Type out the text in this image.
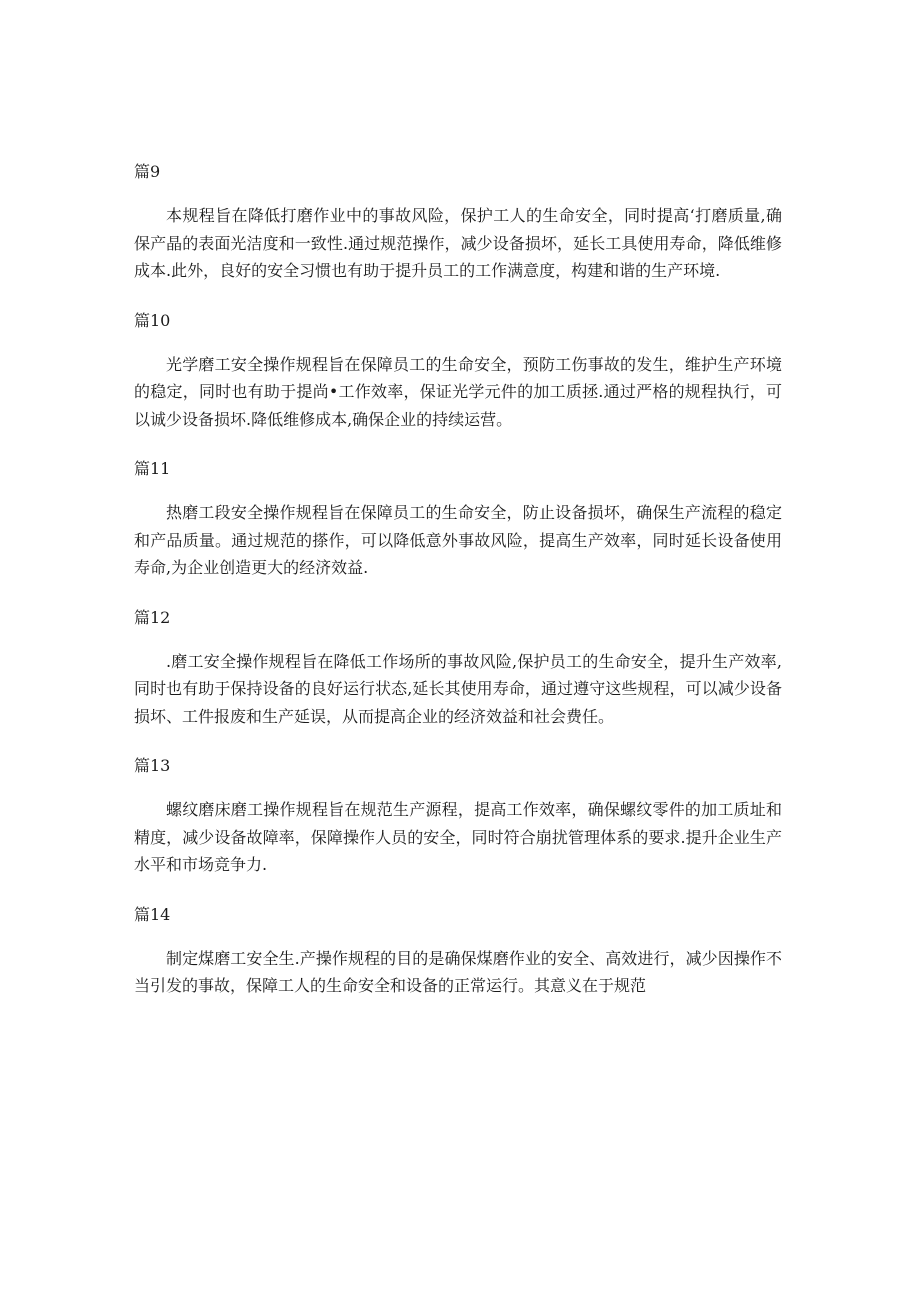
篇9

本规程旨在降低打磨作业中的事故风险，保护工人的生命安全，同时提高‘打磨质量,确保产晶的表面光洁度和一致性.通过规范操作，减少设备损坏，延长工具使用寿命，降低维修成本.此外，良好的安全习惯也有助于提升员工的工作满意度，构建和谐的生产环境.

篇10

光学磨工安全操作规程旨在保障员工的生命安全，预防工伤事故的发生，维护生产环境的稳定，同时也有助于提尚•工作效率，保证光学元件的加工质拯.通过严格的规程执行，可以诚少设备损坏.降低维修成本,确保企业的持续运营。

篇11

热磨工段安全操作规程旨在保障员工的生命安全，防止设备损坏，确保生产流程的稳定和产品质量。通过规范的搽作，可以降低意外事故风险，提高生产效率，同时延长设备使用寿命,为企业创造更大的经济效益.

篇12

.磨工安全操作规程旨在降低工作场所的事故风险,保护员工的生命安全，提升生产效率,同时也有助于保持设备的良好运行状态,延长其使用寿命，通过遵守这些规程，可以减少设备损坏、工件报废和生产延误，从而提高企业的经济效益和社会费任。

篇13

螺纹磨床磨工操作规程旨在规范生产源程，提高工作效率，确保螺纹零件的加工质址和精度，减少设备故障率，保障操作人员的安全，同时符合崩扰管理体系的要求.提升企业生产水平和市场竞争力.

篇14

制定煤磨工安全生.产操作规程的目的是确保煤磨作业的安全、高效进行，减少因操作不当引发的事故，保障工人的生命安全和设备的正常运行。其意义在于规范
